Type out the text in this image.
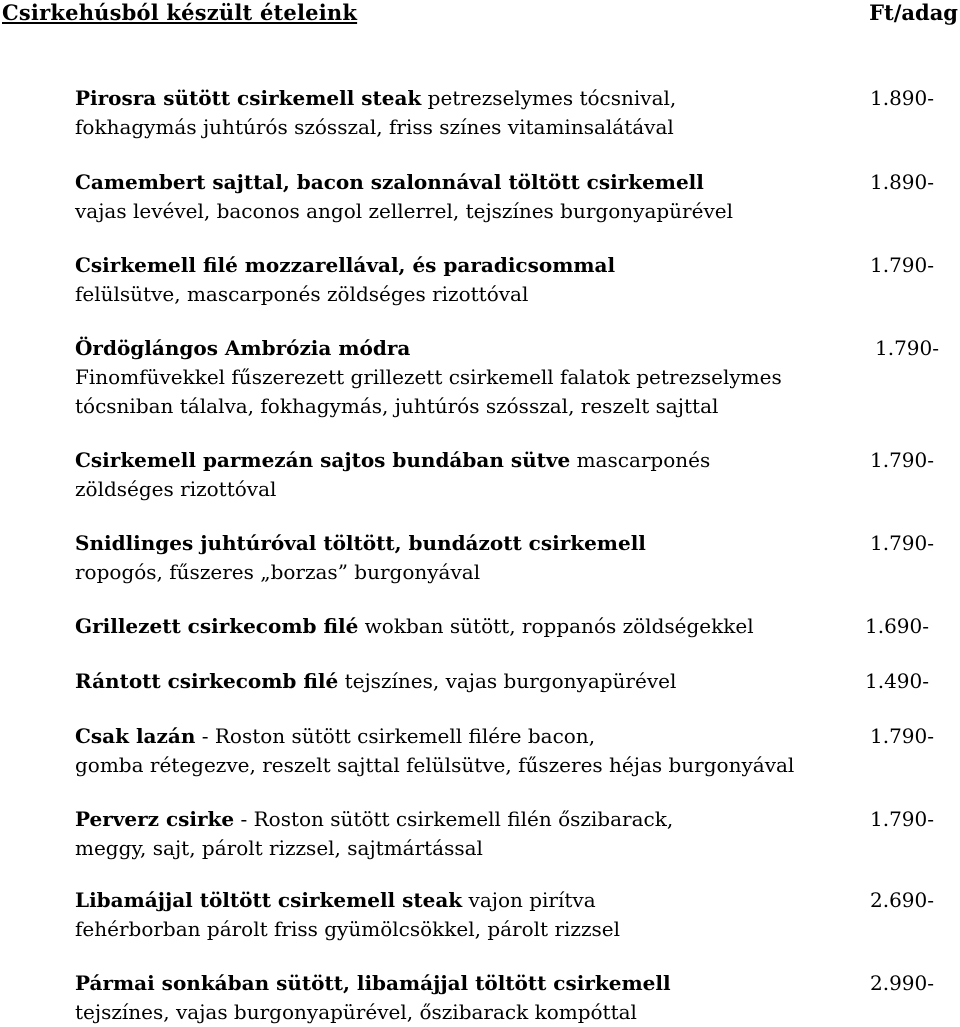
Csirkehúsból készült ételeink	Ft/adag
Pirosra sütött csirkemell steak petrezselymes tócsnival,	1.890-
fokhagymás juhtúrós szósszal, friss színes vitaminsalátával
Camembert sajttal, bacon szalonnával töltött csirkemell	1.890-
vajas levével, baconos angol zellerrel, tejszínes burgonyapürével
Csirkemell filé mozzarellával, és paradicsommal	1.790-
felülsütve, mascarponés zöldséges rizottóval
Ördöglángos Ambrózia módra	1.790-
Finomfüvekkel fűszerezett grillezett csirkemell falatok petrezselymes
tócsniban tálalva, fokhagymás, juhtúrós szósszal, reszelt sajttal
Csirkemell parmezán sajtos bundában sütve mascarponés	1.790-
zöldséges rizottóval
Snidlinges juhtúróval töltött, bundázott csirkemell	1.790-
ropogós, fűszeres „borzas” burgonyával
Grillezett csirkecomb filé wokban sütött, roppanós zöldségekkel	1.690-
Rántott csirkecomb filé tejszínes, vajas burgonyapürével	1.490-
Csak lazán - Roston sütött csirkemell filére bacon,	1.790-
gomba rétegezve, reszelt sajttal felülsütve, fűszeres héjas burgonyával
Perverz csirke - Roston sütött csirkemell filén őszibarack,	1.790-
meggy, sajt, párolt rizzsel, sajtmártással
Libamájjal töltött csirkemell steak vajon pirítva	2.690-
fehérborban párolt friss gyümölcsökkel, párolt rizzsel
Pármai sonkában sütött, libamájjal töltött csirkemell	2.990-
tejszínes, vajas burgonyapürével, őszibarack kompóttal
